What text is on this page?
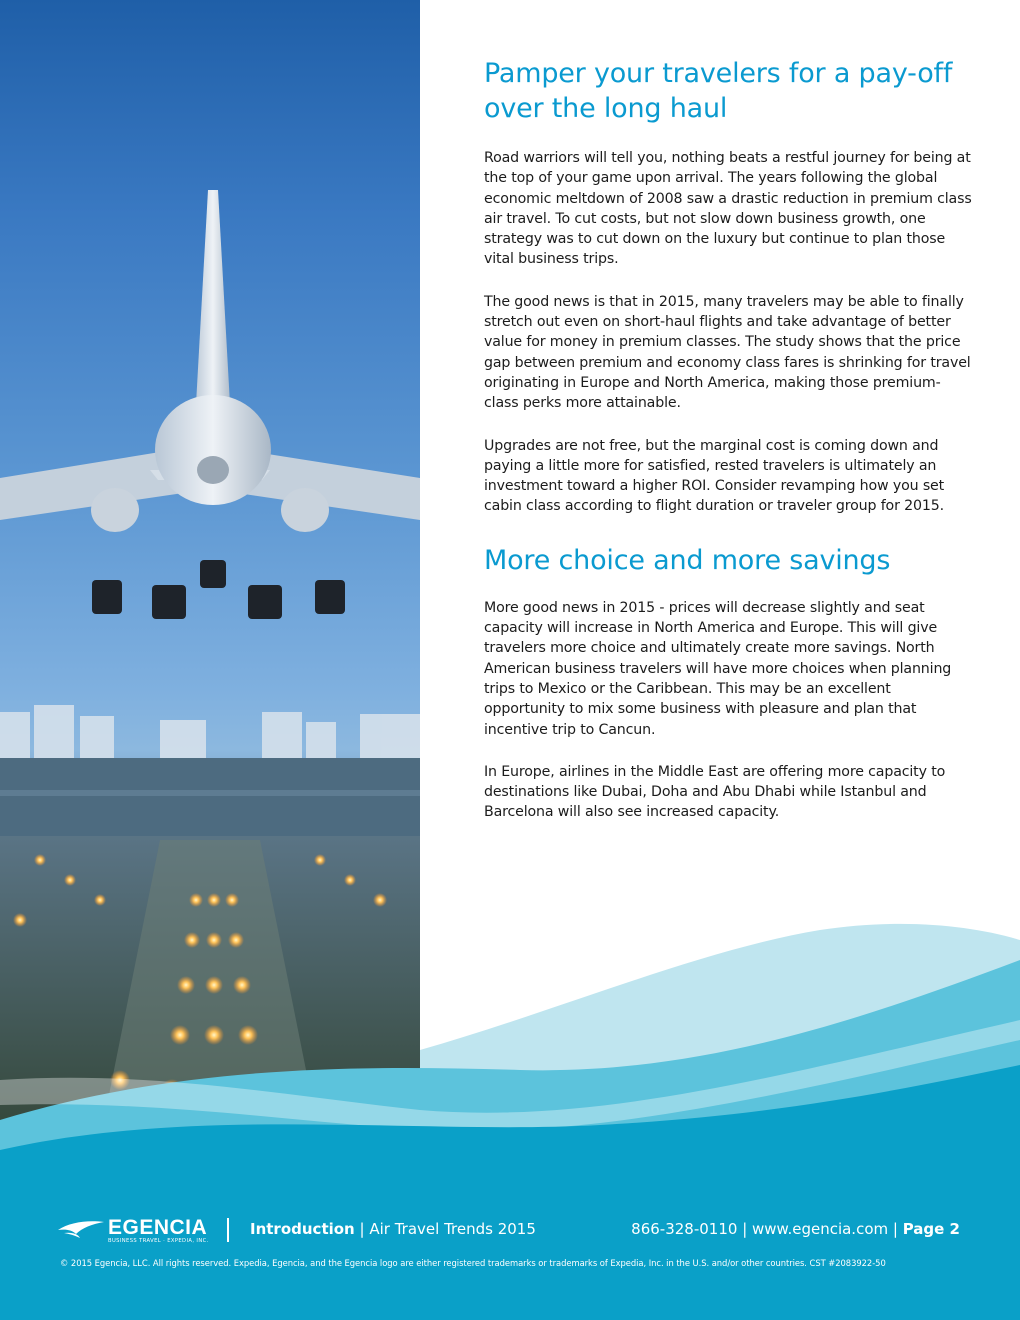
Pamper your travelers for a pay-off over the long haul

Road warriors will tell you, nothing beats a restful journey for being at the top of your game upon arrival. The years following the global economic meltdown of 2008 saw a drastic reduction in premium class air travel. To cut costs, but not slow down business growth, one strategy was to cut down on the luxury but continue to plan those vital business trips.

The good news is that in 2015, many travelers may be able to finally stretch out even on short-haul flights and take advantage of better value for money in premium classes. The study shows that the price gap between premium and economy class fares is shrinking for travel originating in Europe and North America, making those premium-class perks more attainable.

Upgrades are not free, but the marginal cost is coming down and paying a little more for satisfied, rested travelers is ultimately an investment toward a higher ROI. Consider revamping how you set cabin class according to flight duration or traveler group for 2015.

More choice and more savings

More good news in 2015 - prices will decrease slightly and seat capacity will increase in North America and Europe. This will give travelers more choice and ultimately create more savings. North American business travelers will have more choices when planning trips to Mexico or the Caribbean. This may be an excellent opportunity to mix some business with pleasure and plan that incentive trip to Cancun.

In Europe, airlines in the Middle East are offering more capacity to destinations like Dubai, Doha and Abu Dhabi while Istanbul and Barcelona will also see increased capacity.

EGENCIA
BUSINESS TRAVEL · EXPEDIA, INC.
Introduction | Air Travel Trends 2015	866-328-0110 | www.egencia.com | Page 2
© 2015 Egencia, LLC. All rights reserved. Expedia, Egencia, and the Egencia logo are either registered trademarks or trademarks of Expedia, Inc. in the U.S. and/or other countries. CST #2083922-50
